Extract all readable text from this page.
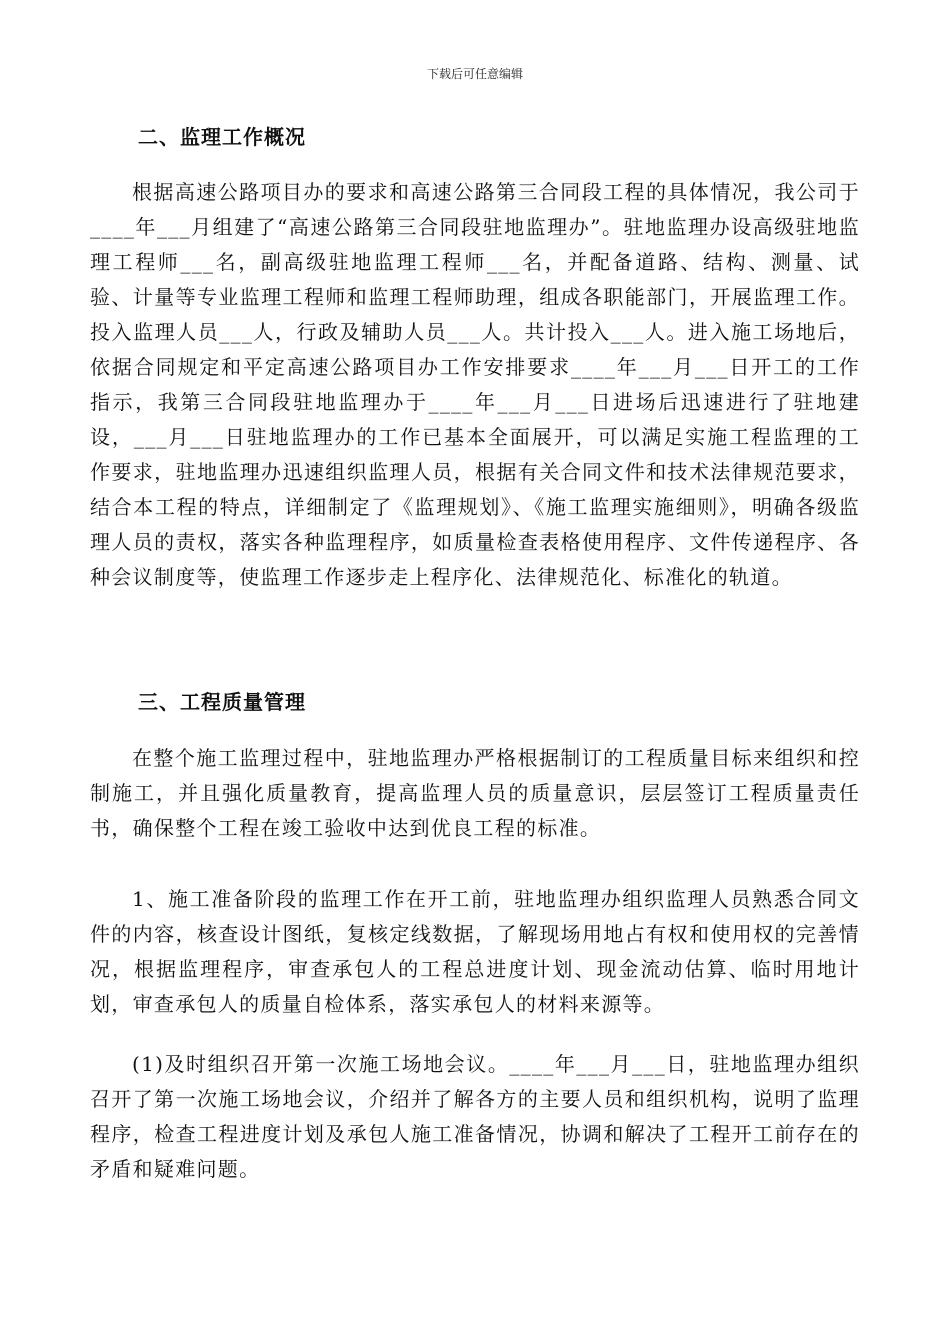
下载后可任意编辑
二、监理工作概况

根据高速公路项目办的要求和高速公路第三合同段工程的具体情况，我公司于____年___月组建了“高速公路第三合同段驻地监理办”。驻地监理办设高级驻地监理工程师___名，副高级驻地监理工程师___名，并配备道路、结构、测量、试验、计量等专业监理工程师和监理工程师助理，组成各职能部门，开展监理工作。投入监理人员___人，行政及辅助人员___人。共计投入___人。进入施工场地后，依据合同规定和平定高速公路项目办工作安排要求____年___月___日开工的工作指示，我第三合同段驻地监理办于____年___月___日进场后迅速进行了驻地建设，___月___日驻地监理办的工作已基本全面展开，可以满足实施工程监理的工作要求，驻地监理办迅速组织监理人员，根据有关合同文件和技术法律规范要求，结合本工程的特点，详细制定了《监理规划》、《施工监理实施细则》，明确各级监理人员的责权，落实各种监理程序，如质量检查表格使用程序、文件传递程序、各种会议制度等，使监理工作逐步走上程序化、法律规范化、标准化的轨道。

三、工程质量管理

在整个施工监理过程中，驻地监理办严格根据制订的工程质量目标来组织和控制施工，并且强化质量教育，提高监理人员的质量意识，层层签订工程质量责任书，确保整个工程在竣工验收中达到优良工程的标准。

1、施工准备阶段的监理工作在开工前，驻地监理办组织监理人员熟悉合同文件的内容，核查设计图纸，复核定线数据，了解现场用地占有权和使用权的完善情况，根据监理程序，审查承包人的工程总进度计划、现金流动估算、临时用地计划，审查承包人的质量自检体系，落实承包人的材料来源等。

(1)及时组织召开第一次施工场地会议。____年___月___日，驻地监理办组织召开了第一次施工场地会议，介绍并了解各方的主要人员和组织机构，说明了监理程序，检查工程进度计划及承包人施工准备情况，协调和解决了工程开工前存在的矛盾和疑难问题。
